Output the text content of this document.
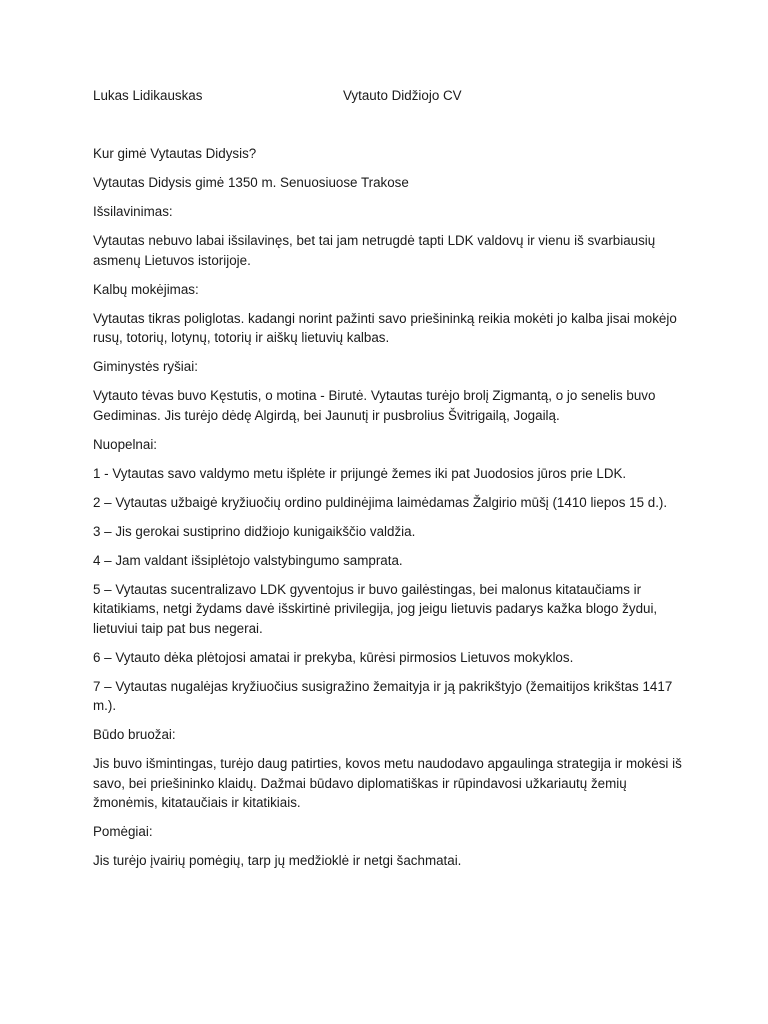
Lukas Lidikauskas	Vytauto Didžiojo CV

Kur gimė Vytautas Didysis?

Vytautas Didysis gimė 1350 m. Senuosiuose Trakose

Išsilavinimas:

Vytautas nebuvo labai išsilavinęs, bet tai jam netrugdė tapti LDK valdovų ir vienu iš svarbiausių asmenų Lietuvos istorijoje.

Kalbų mokėjimas:

Vytautas tikras poliglotas. kadangi norint pažinti savo priešininką reikia mokėti jo kalba jisai mokėjo rusų, totorių, lotynų, totorių ir aiškų lietuvių kalbas.

Giminystės ryšiai:

Vytauto tėvas buvo Kęstutis, o motina - Birutė. Vytautas turėjo brolį Zigmantą, o jo senelis buvo Gediminas. Jis turėjo dėdę Algirdą, bei Jaunutį ir pusbrolius Švitrigailą, Jogailą.

Nuopelnai:

1 - Vytautas savo valdymo metu išplėte ir prijungė žemes iki pat Juodosios jūros prie LDK.

2 – Vytautas užbaigė kryžiuočių ordino puldinėjima laimėdamas Žalgirio mūšį (1410 liepos 15 d.).

3 – Jis gerokai sustiprino didžiojo kunigaikščio valdžia.

4 – Jam valdant išsiplėtojo valstybingumo samprata.

5 – Vytautas sucentralizavo LDK gyventojus ir buvo gailėstingas, bei malonus kitataučiams ir kitatikiams, netgi žydams davė išskirtinė privilegija, jog jeigu lietuvis padarys kažka blogo žydui, lietuviui taip pat bus negerai.

6 – Vytauto dėka plėtojosi amatai ir prekyba, kūrėsi pirmosios Lietuvos mokyklos.

7 – Vytautas nugalėjas kryžiuočius susigražino žemaityja ir ją pakrikštyjo (žemaitijos krikštas 1417 m.).

Būdo bruožai:

Jis buvo išmintingas, turėjo daug patirties, kovos metu naudodavo apgaulinga strategija ir mokėsi iš savo, bei priešininko klaidų. Dažmai būdavo diplomatiškas ir rūpindavosi užkariautų žemių žmonėmis, kitataučiais ir kitatikiais.

Pomėgiai:

Jis turėjo įvairių pomėgių, tarp jų medžioklė ir netgi šachmatai.
